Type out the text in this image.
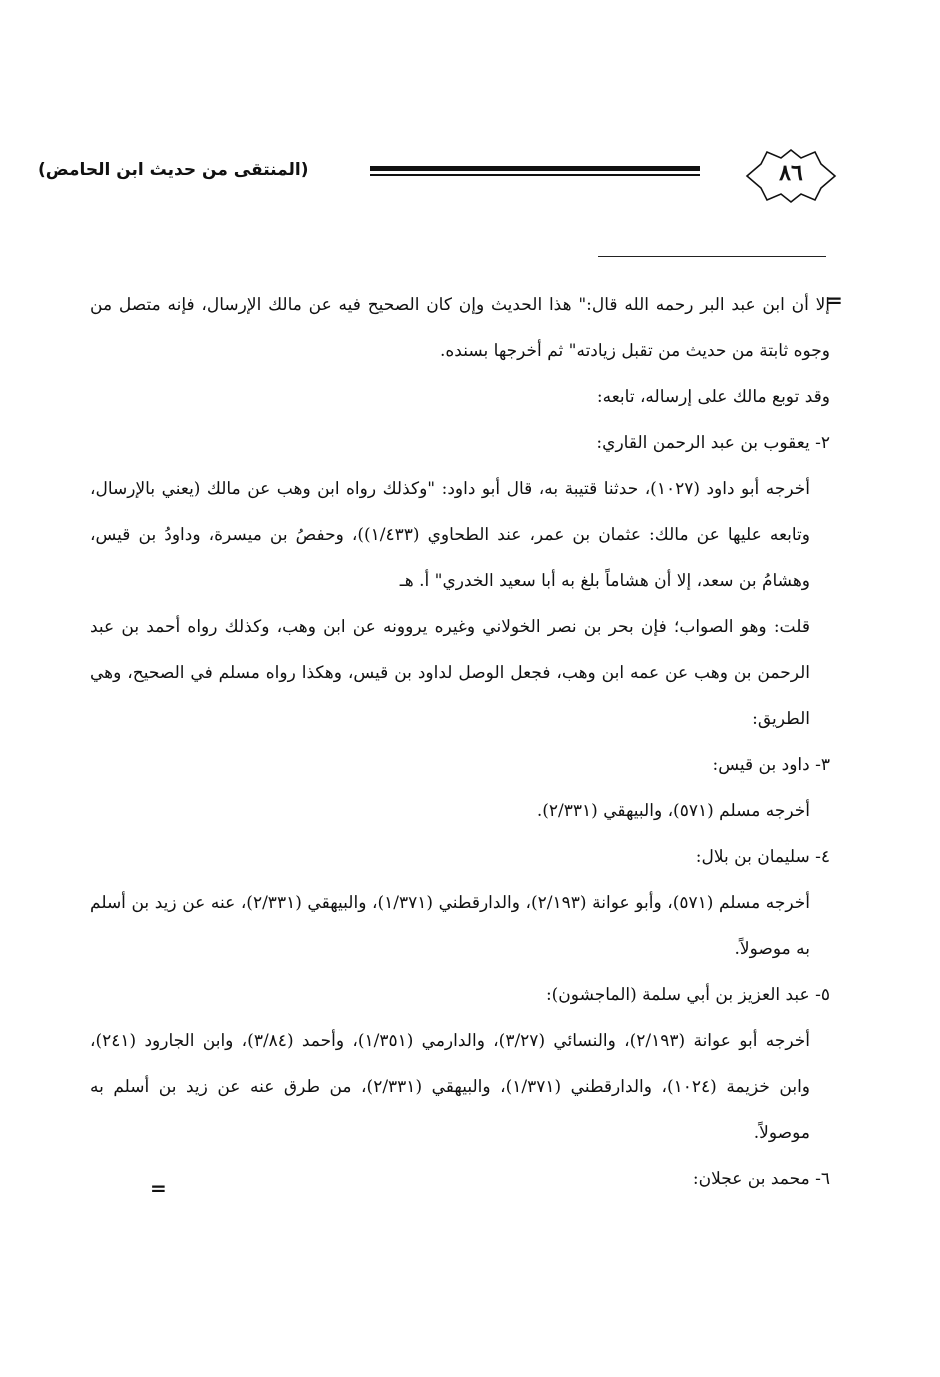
(المنتقى من حديث ابن الحامض)	٨٦
=

إلا أن ابن عبد البر رحمه الله قال:" هذا الحديث وإن كان الصحيح فيه عن مالك الإرسال، فإنه متصل من وجوه ثابتة من حديث من تقبل زيادته" ثم أخرجها بسنده.

وقد توبع مالك على إرساله، تابعه:

٢- يعقوب بن عبد الرحمن القاري:

أخرجه أبو داود (١٠٢٧)، حدثنا قتيبة به، قال أبو داود: "وكذلك رواه ابن وهب عن مالك (يعني بالإرسال، وتابعه عليها عن مالك: عثمان بن عمر، عند الطحاوي (١/٤٣٣))، وحفصُ بن ميسرة، وداودُ بن قيس، وهشامُ بن سعد، إلا أن هشاماً بلغ به أبا سعيد الخدري" أ. هـ

قلت: وهو الصواب؛ فإن بحر بن نصر الخولاني وغيره يروونه عن ابن وهب، وكذلك رواه أحمد بن عبد الرحمن بن وهب عن عمه ابن وهب، فجعل الوصل لداود بن قيس، وهكذا رواه مسلم في الصحيح، وهي الطريق:

٣- داود بن قيس:

أخرجه مسلم (٥٧١)، والبيهقي (٢/٣٣١).

٤- سليمان بن بلال:

أخرجه مسلم (٥٧١)، وأبو عوانة (٢/١٩٣)، والدارقطني (١/٣٧١)، والبيهقي (٢/٣٣١)، عنه عن زيد بن أسلم به موصولاً.

٥- عبد العزيز بن أبي سلمة (الماجشون):

أخرجه أبو عوانة (٢/١٩٣)، والنسائي (٣/٢٧)، والدارمي (١/٣٥١)، وأحمد (٣/٨٤)، وابن الجارود (٢٤١)، وابن خزيمة (١٠٢٤)، والدارقطني (١/٣٧١)، والبيهقي (٢/٣٣١)، من طرق عنه عن زيد بن أسلم به موصولاً.

٦- محمد بن عجلان:

=
